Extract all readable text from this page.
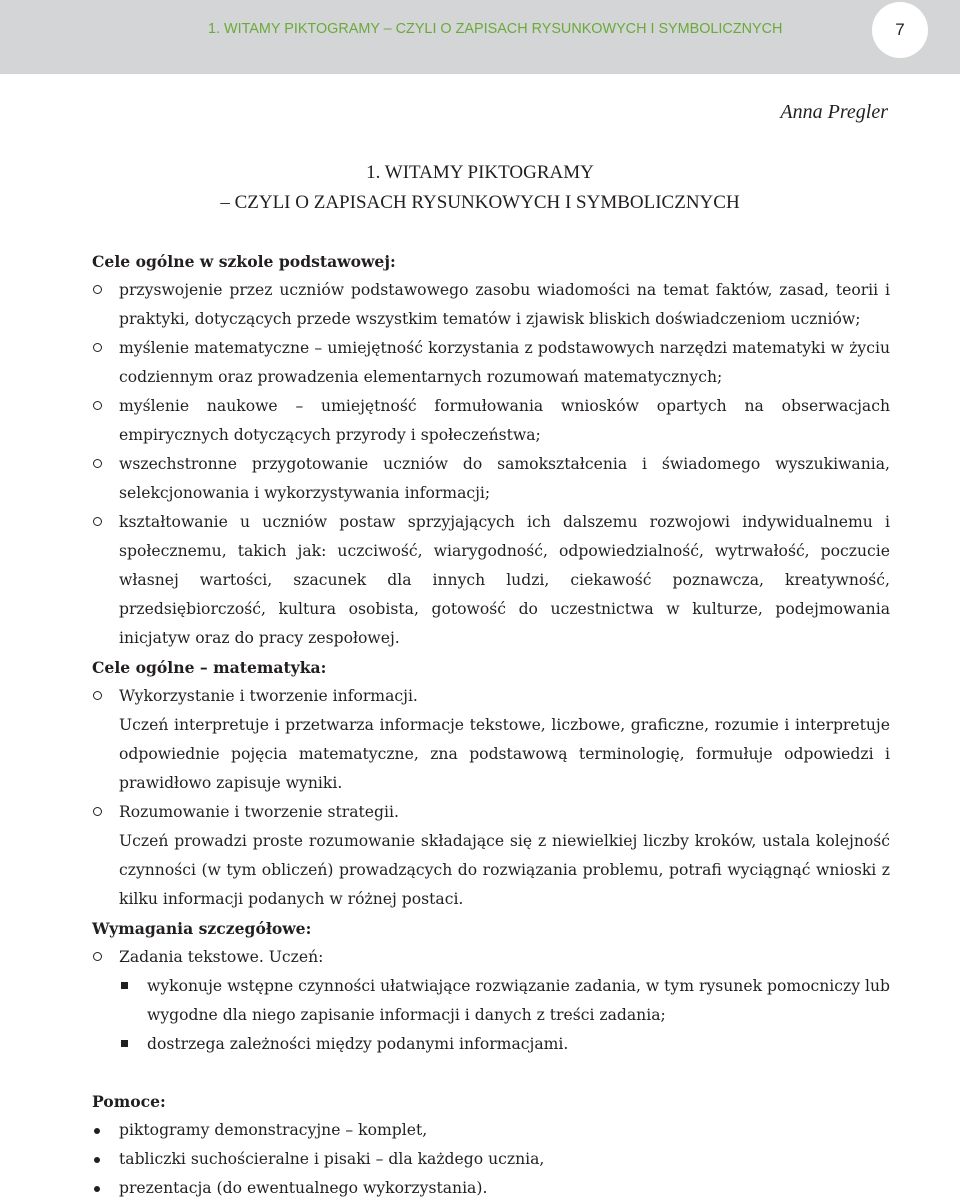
1. WITAMY PIKTOGRAMY – CZYLI O ZAPISACH RYSUNKOWYCH I SYMBOLICZNYCH	7
Anna Pregler
1. WITAMY PIKTOGRAMY
– CZYLI O ZAPISACH RYSUNKOWYCH I SYMBOLICZNYCH
Cele ogólne w szkole podstawowej:
przyswojenie przez uczniów podstawowego zasobu wiadomości na temat faktów, zasad, teorii i praktyki, dotyczących przede wszystkim tematów i zjawisk bliskich doświadczeniom uczniów;
myślenie matematyczne – umiejętność korzystania z podstawowych narzędzi matematyki w życiu codziennym oraz prowadzenia elementarnych rozumowań matematycznych;
myślenie naukowe – umiejętność formułowania wniosków opartych na obserwacjach empirycznych dotyczących przyrody i społeczeństwa;
wszechstronne przygotowanie uczniów do samokształcenia i świadomego wyszukiwania, selekcjonowania i wykorzystywania informacji;
kształtowanie u uczniów postaw sprzyjających ich dalszemu rozwojowi indywidualnemu i społecznemu, takich jak: uczciwość, wiarygodność, odpowiedzialność, wytrwałość, poczucie własnej wartości, szacunek dla innych ludzi, ciekawość poznawcza, kreatywność, przedsiębiorczość, kultura osobista, gotowość do uczestnictwa w kulturze, podejmowania inicjatyw oraz do pracy zespołowej.
Cele ogólne – matematyka:
Wykorzystanie i tworzenie informacji.
Uczeń interpretuje i przetwarza informacje tekstowe, liczbowe, graficzne, rozumie i interpretuje odpowiednie pojęcia matematyczne, zna podstawową terminologię, formułuje odpowiedzi i prawidłowo zapisuje wyniki.
Rozumowanie i tworzenie strategii.
Uczeń prowadzi proste rozumowanie składające się z niewielkiej liczby kroków, ustala kolejność czynności (w tym obliczeń) prowadzących do rozwiązania problemu, potrafi wyciągnąć wnioski z kilku informacji podanych w różnej postaci.
Wymagania szczegółowe:
Zadania tekstowe. Uczeń:
wykonuje wstępne czynności ułatwiające rozwiązanie zadania, w tym rysunek pomocniczy lub wygodne dla niego zapisanie informacji i danych z treści zadania;
dostrzega zależności między podanymi informacjami.
Pomoce:
piktogramy demonstracyjne – komplet,
tabliczki suchościeralne i pisaki – dla każdego ucznia,
prezentacja (do ewentualnego wykorzystania).
